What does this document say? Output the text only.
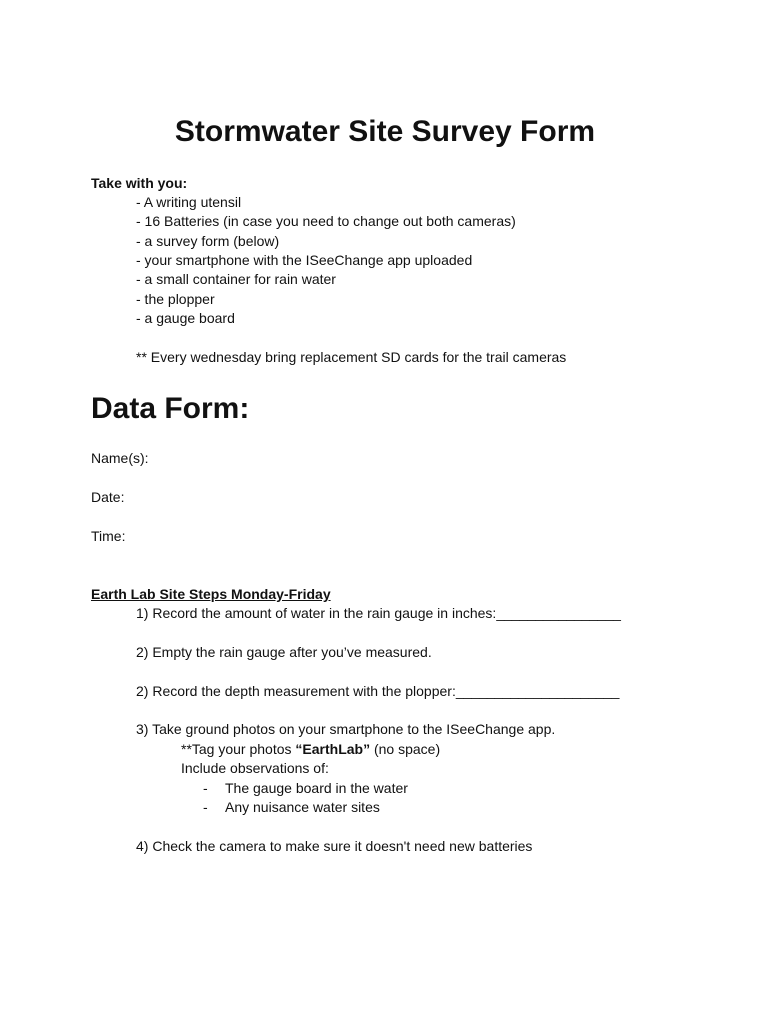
Stormwater Site Survey Form

Take with you:

- A writing utensil

- 16 Batteries (in case you need to change out both cameras)

- a survey form (below)

- your smartphone with the ISeeChange app uploaded

- a small container for rain water

- the plopper

- a gauge board

** Every wednesday bring replacement SD cards for the trail cameras

Data Form:

Name(s):

Date:

Time:

Earth Lab Site Steps Monday-Friday

1) Record the amount of water in the rain gauge in inches:________________

2) Empty the rain gauge after you’ve measured.

2) Record the depth measurement with the plopper:_____________________

3) Take ground photos on your smartphone to the ISeeChange app.

**Tag your photos “EarthLab” (no space)

Include observations of:

- The gauge board in the water

- Any nuisance water sites

4) Check the camera to make sure it doesn't need new batteries
